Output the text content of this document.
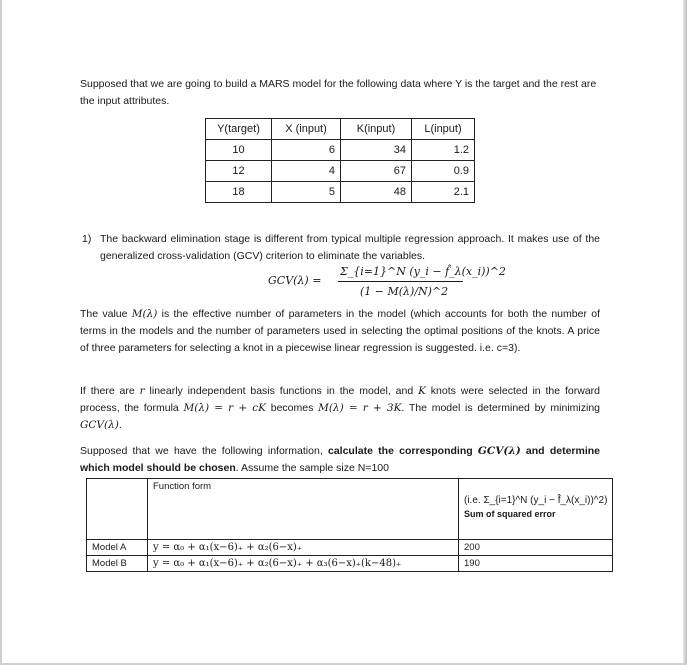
Supposed that we are going to build a MARS model for the following data where Y is the target and the rest are the input attributes.
Y(target)	X (input)	K(input)	L(input)
10	6	34	1.2
12	4	67	0.9
18	5	48	2.1
1) The backward elimination stage is different from typical multiple regression approach. It makes use of the generalized cross-validation (GCV) criterion to eliminate the variables.
GCV(λ) =
Σ_{i=1}^N (y_i − f̂_λ(x_i))^2
(1 − M(λ)/N)^2
The value M(λ) is the effective number of parameters in the model (which accounts for both the number of terms in the models and the number of parameters used in selecting the optimal positions of the knots. A price of three parameters for selecting a knot in a piecewise linear regression is suggested. i.e. c=3).
If there are r linearly independent basis functions in the model, and K knots were selected in the forward process, the formula M(λ) = r + cK becomes M(λ) = r + 3K. The model is determined by minimizing GCV(λ).
Supposed that we have the following information, calculate the corresponding GCV(λ) and determine which model should be chosen. Assume the sample size N=100
	Function form	(i.e. Σ_{i=1}^N (y_i − f̂_λ(x_i))^2)
Sum of squared error

Model A	y = α₀ + α₁(x−6)₊ + α₂(6−x)₊	200
Model B	y = α₀ + α₁(x−6)₊ + α₂(6−x)₊ + α₃(6−x)₊(k−48)₊	190
